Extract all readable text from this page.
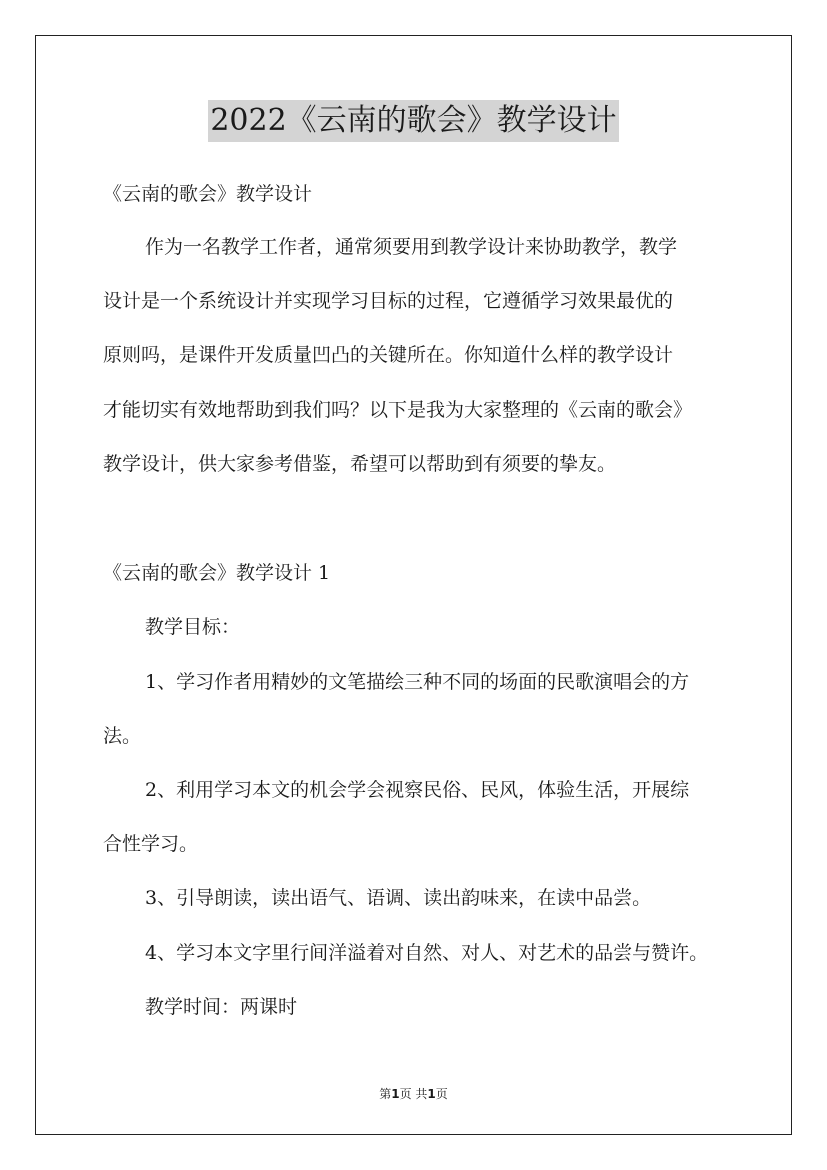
2022《云南的歌会》教学设计
《云南的歌会》教学设计
作为一名教学工作者，通常须要用到教学设计来协助教学，教学
设计是一个系统设计并实现学习目标的过程，它遵循学习效果最优的
原则吗，是课件开发质量凹凸的关键所在。你知道什么样的教学设计
才能切实有效地帮助到我们吗？以下是我为大家整理的《云南的歌会》
教学设计，供大家参考借鉴，希望可以帮助到有须要的挚友。
《云南的歌会》教学设计 1
教学目标：
1、学习作者用精妙的文笔描绘三种不同的场面的民歌演唱会的方
法。
2、利用学习本文的机会学会视察民俗、民风，体验生活，开展综
合性学习。
3、引导朗读，读出语气、语调、读出韵味来，在读中品尝。
4、学习本文字里行间洋溢着对自然、对人、对艺术的品尝与赞许。
教学时间：两课时
第1页 共1页
